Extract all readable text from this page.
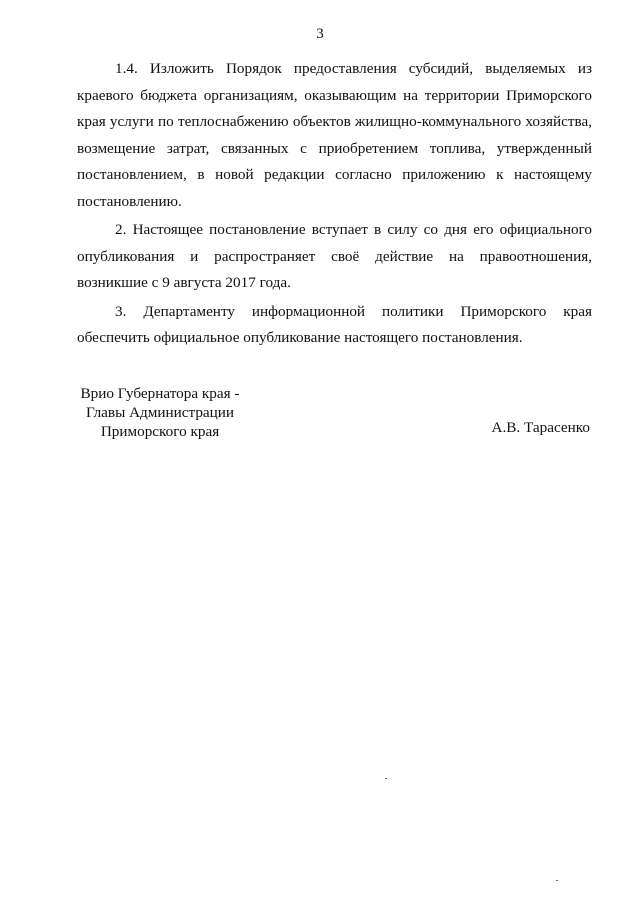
3

1.4. Изложить Порядок предоставления субсидий, выделяемых из краевого бюджета организациям, оказывающим на территории Приморского края услуги по теплоснабжению объектов жилищно-коммунального хозяйства, возмещение затрат, связанных с приобретением топлива, утвержденный постановлением, в новой редакции согласно приложению к настоящему постановлению.

2. Настоящее постановление вступает в силу со дня его официального опубликования и распространяет своё действие на правоотношения, возникшие с 9 августа 2017 года.

3. Департаменту информационной политики Приморского края обеспечить официальное опубликование настоящего постановления.

Врио Губернатора края -
Главы Администрации
Приморского края	А.В. Тарасенко
